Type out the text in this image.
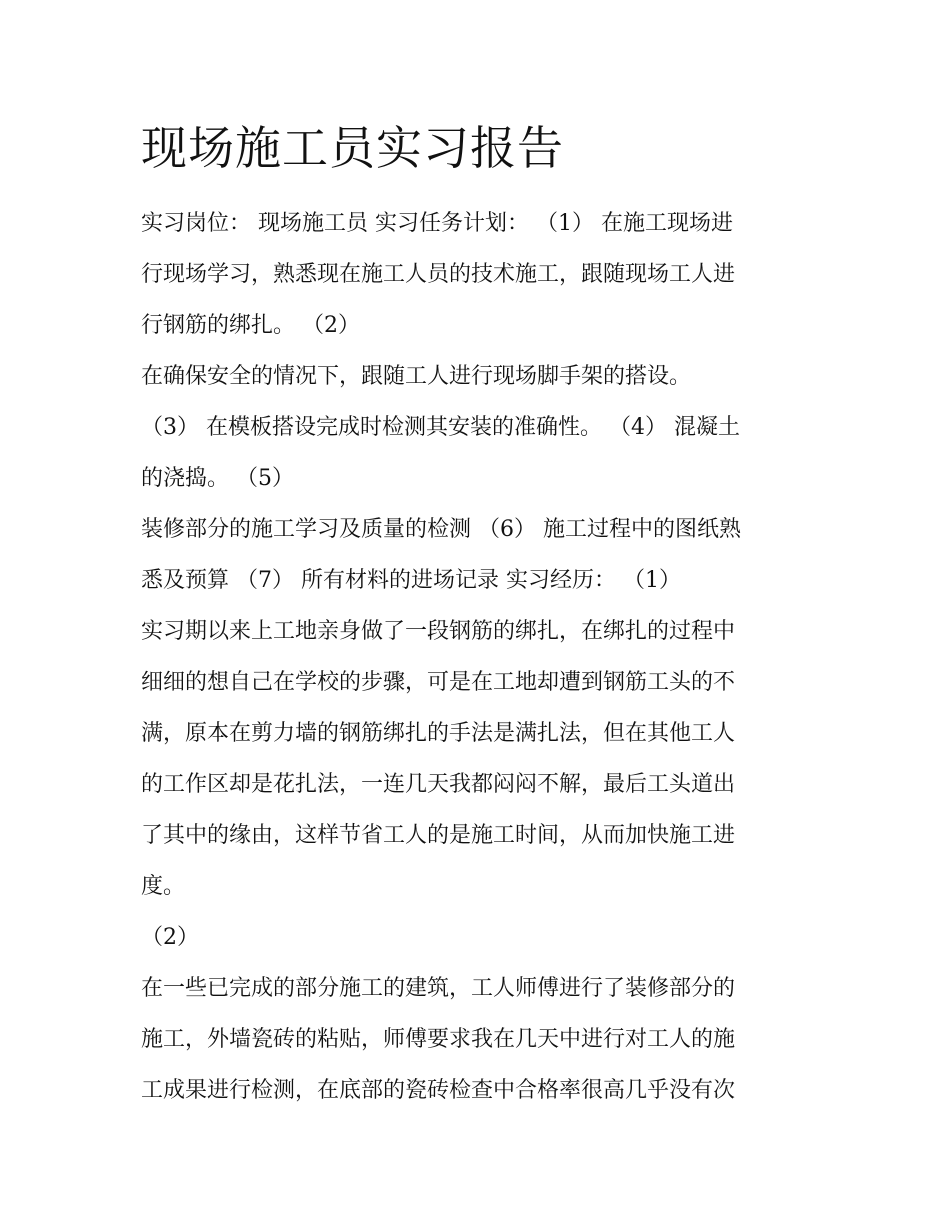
现场施工员实习报告
实习岗位： 现场施工员 实习任务计划： （1） 在施工现场进
行现场学习，熟悉现在施工人员的技术施工，跟随现场工人进
行钢筋的绑扎。 （2）
在确保安全的情况下，跟随工人进行现场脚手架的搭设。
（3） 在模板搭设完成时检测其安装的准确性。 （4） 混凝土
的浇捣。 （5）
装修部分的施工学习及质量的检测 （6） 施工过程中的图纸熟
悉及预算 （7） 所有材料的进场记录 实习经历： （1）
实习期以来上工地亲身做了一段钢筋的绑扎，在绑扎的过程中
细细的想自己在学校的步骤，可是在工地却遭到钢筋工头的不
满，原本在剪力墙的钢筋绑扎的手法是满扎法，但在其他工人
的工作区却是花扎法，一连几天我都闷闷不解，最后工头道出
了其中的缘由，这样节省工人的是施工时间，从而加快施工进
度。
（2）
在一些已完成的部分施工的建筑，工人师傅进行了装修部分的
施工，外墙瓷砖的粘贴，师傅要求我在几天中进行对工人的施
工成果进行检测，在底部的瓷砖检查中合格率很高几乎没有次
